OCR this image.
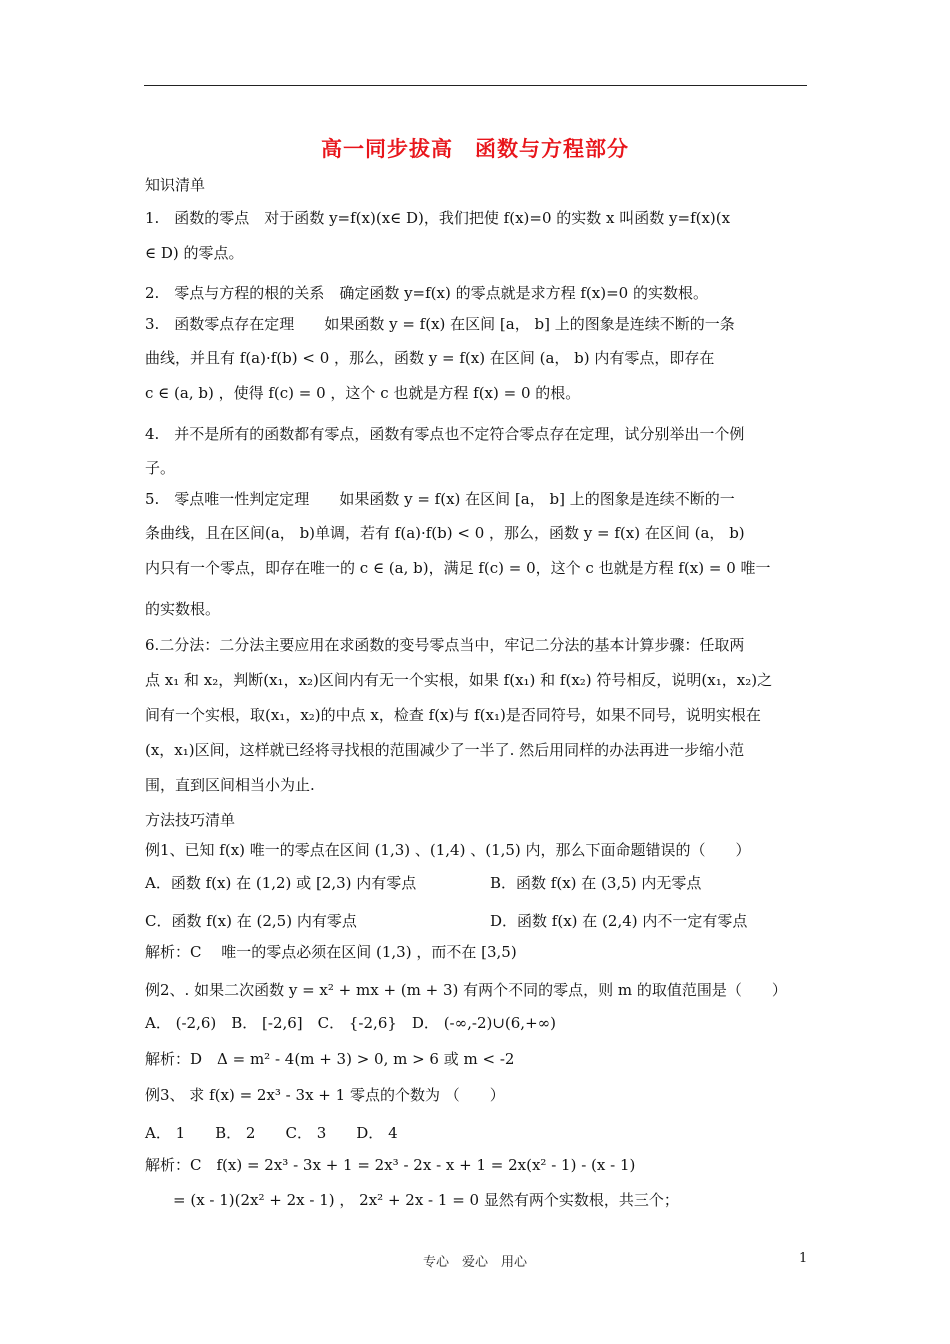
高一同步拔高 函数与方程部分
知识清单
1.　函数的零点　对于函数 y=f(x)(x∈ D)，我们把使 f(x)=0 的实数 x 叫函数 y=f(x)(x
∈ D) 的零点。
2.　零点与方程的根的关系　确定函数 y=f(x) 的零点就是求方程 f(x)=0 的实数根。
3.　函数零点存在定理　　如果函数 y = f(x) 在区间 [a， b] 上的图象是连续不断的一条
曲线，并且有 f(a)·f(b) < 0 ，那么，函数 y = f(x) 在区间 (a， b) 内有零点，即存在
c ∈ (a, b) ，使得 f(c) = 0 ，这个 c 也就是方程 f(x) = 0 的根。
4.　并不是所有的函数都有零点，函数有零点也不定符合零点存在定理，试分别举出一个例
子。
5.　零点唯一性判定定理　　如果函数 y = f(x) 在区间 [a， b] 上的图象是连续不断的一
条曲线，且在区间(a， b)单调，若有 f(a)·f(b) < 0 ，那么，函数 y = f(x) 在区间 (a， b)
内只有一个零点，即存在唯一的 c ∈ (a, b)，满足 f(c) = 0，这个 c 也就是方程 f(x) = 0 唯一
的实数根。
6.二分法：二分法主要应用在求函数的变号零点当中，牢记二分法的基本计算步骤：任取两
点 x₁ 和 x₂，判断(x₁，x₂)区间内有无一个实根，如果 f(x₁) 和 f(x₂) 符号相反，说明(x₁，x₂)之
间有一个实根，取(x₁，x₂)的中点 x，检查 f(x)与 f(x₁)是否同符号，如果不同号，说明实根在
(x，x₁)区间，这样就已经将寻找根的范围减少了一半了. 然后用同样的办法再进一步缩小范
围，直到区间相当小为止.
方法技巧清单
例1、已知 f(x) 唯一的零点在区间 (1,3) 、(1,4) 、(1,5) 内，那么下面命题错误的（　　）
A．函数 f(x) 在 (1,2) 或 [2,3) 内有零点	B．函数 f(x) 在 (3,5) 内无零点
C．函数 f(x) 在 (2,5) 内有零点	D．函数 f(x) 在 (2,4) 内不一定有零点
解析：C　 唯一的零点必须在区间 (1,3) ，而不在 [3,5)
例2、. 如果二次函数 y = x² + mx + (m + 3) 有两个不同的零点，则 m 的取值范围是（　　）
A． (-2,6)　B． [-2,6]　C． {-2,6}　D． (-∞,-2)∪(6,+∞)
解析：D　Δ = m² - 4(m + 3) > 0, m > 6 或 m < -2
例3、 求 f(x) = 2x³ - 3x + 1 零点的个数为 （　　）
A． 1　　B． 2　　C． 3　　D． 4
解析：C　f(x) = 2x³ - 3x + 1 = 2x³ - 2x - x + 1 = 2x(x² - 1) - (x - 1)
= (x - 1)(2x² + 2x - 1) ， 2x² + 2x - 1 = 0 显然有两个实数根，共三个；
专心　爱心　用心	1
